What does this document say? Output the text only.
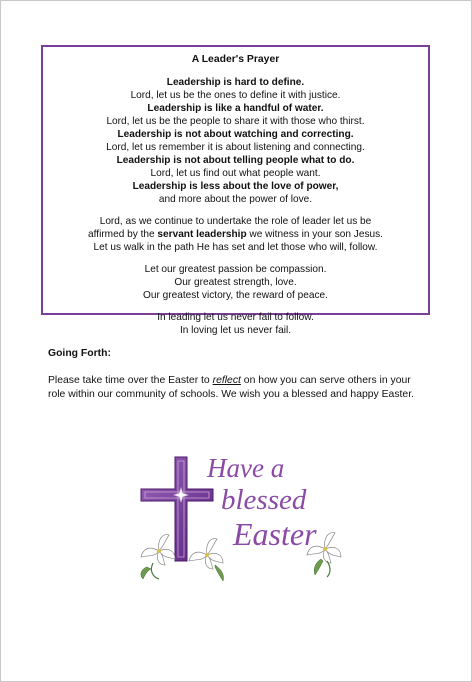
A Leader's Prayer
Leadership is hard to define.
Lord, let us be the ones to define it with justice.
Leadership is like a handful of water.
Lord, let us be the people to share it with those who thirst.
Leadership is not about watching and correcting.
Lord, let us remember it is about listening and connecting.
Leadership is not about telling people what to do.
Lord, let us find out what people want.
Leadership is less about the love of power,
and more about the power of love.
Lord, as we continue to undertake the role of leader let us be
affirmed by the servant leadership we witness in your son Jesus.
Let us walk in the path He has set and let those who will, follow.
Let our greatest passion be compassion.
Our greatest strength, love.
Our greatest victory, the reward of peace.
In leading let us never fail to follow.
In loving let us never fail.
Going Forth:
Please take time over the Easter to reflect on how you can serve others in your role within our community of schools. We wish you a blessed and happy Easter.
Have a
blessed
Easter
